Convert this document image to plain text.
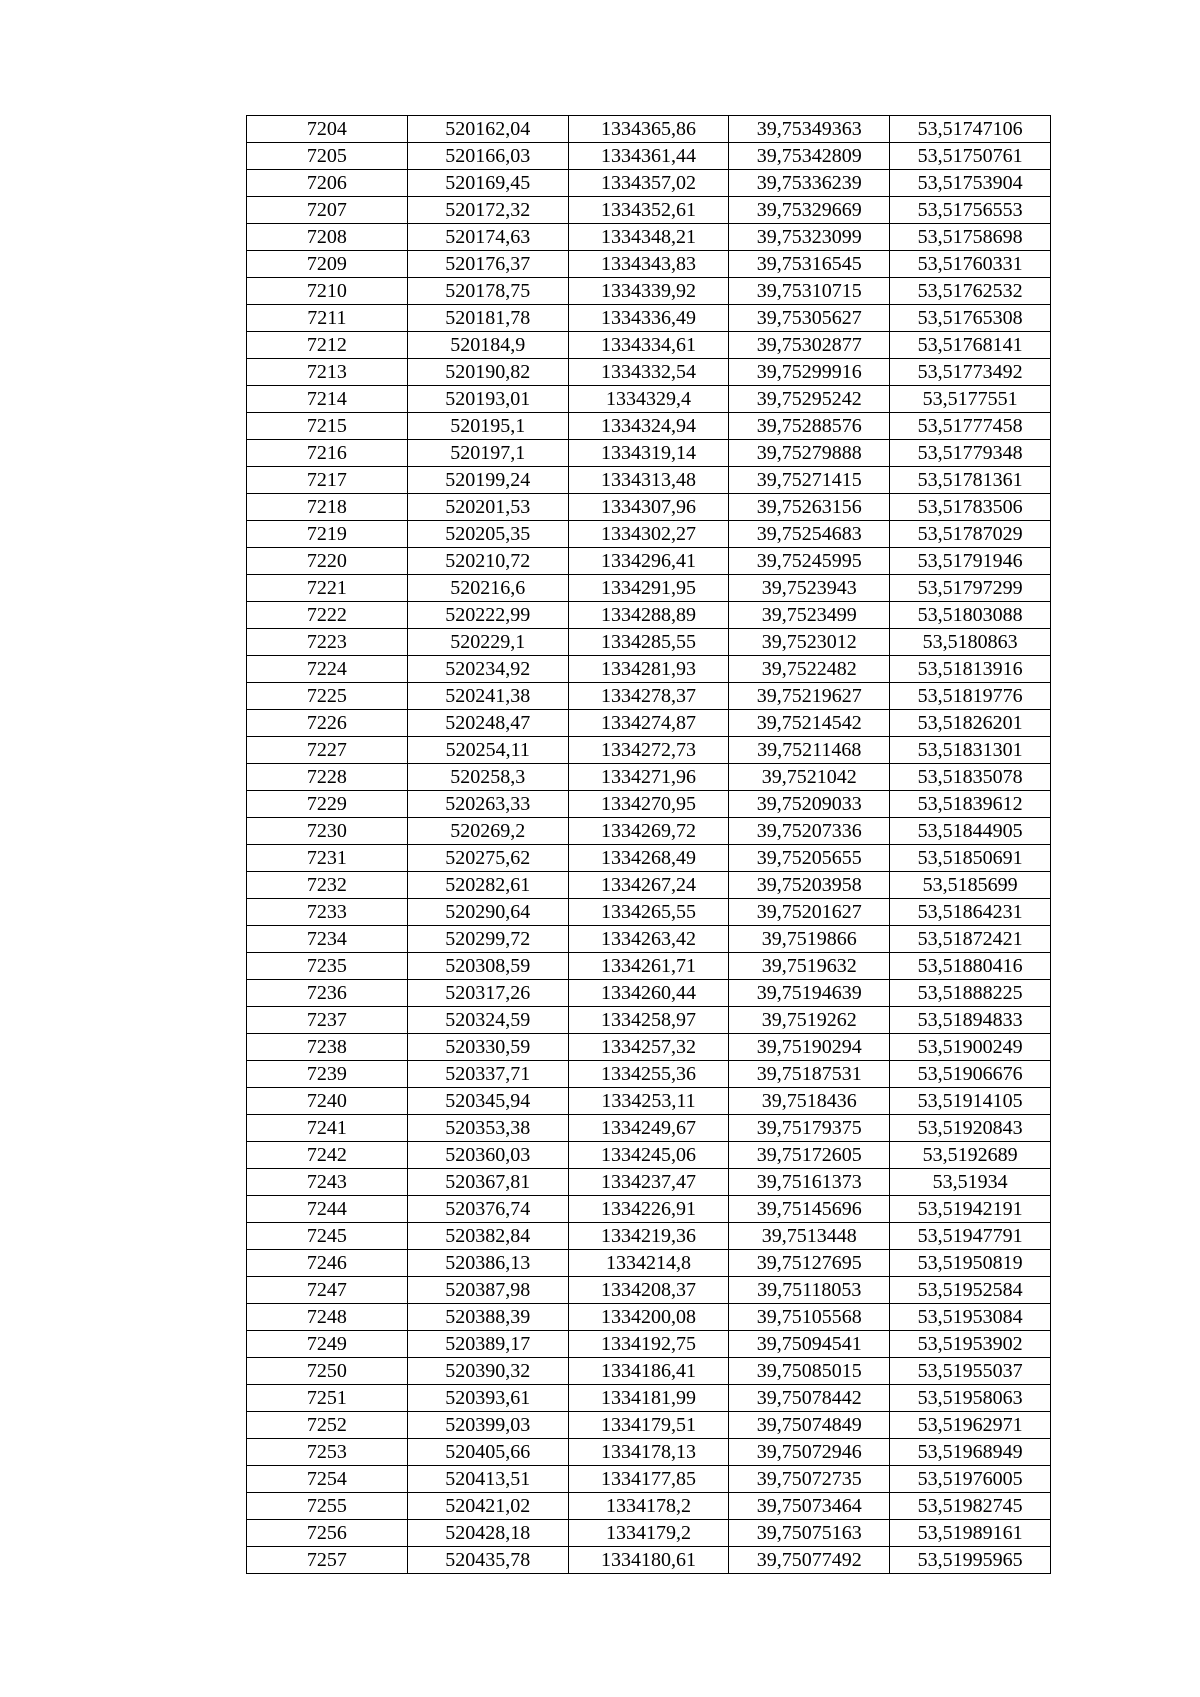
7204	520162,04	1334365,86	39,75349363	53,51747106
7205	520166,03	1334361,44	39,75342809	53,51750761
7206	520169,45	1334357,02	39,75336239	53,51753904
7207	520172,32	1334352,61	39,75329669	53,51756553
7208	520174,63	1334348,21	39,75323099	53,51758698
7209	520176,37	1334343,83	39,75316545	53,51760331
7210	520178,75	1334339,92	39,75310715	53,51762532
7211	520181,78	1334336,49	39,75305627	53,51765308
7212	520184,9	1334334,61	39,75302877	53,51768141
7213	520190,82	1334332,54	39,75299916	53,51773492
7214	520193,01	1334329,4	39,75295242	53,5177551
7215	520195,1	1334324,94	39,75288576	53,51777458
7216	520197,1	1334319,14	39,75279888	53,51779348
7217	520199,24	1334313,48	39,75271415	53,51781361
7218	520201,53	1334307,96	39,75263156	53,51783506
7219	520205,35	1334302,27	39,75254683	53,51787029
7220	520210,72	1334296,41	39,75245995	53,51791946
7221	520216,6	1334291,95	39,7523943	53,51797299
7222	520222,99	1334288,89	39,7523499	53,51803088
7223	520229,1	1334285,55	39,7523012	53,5180863
7224	520234,92	1334281,93	39,7522482	53,51813916
7225	520241,38	1334278,37	39,75219627	53,51819776
7226	520248,47	1334274,87	39,75214542	53,51826201
7227	520254,11	1334272,73	39,75211468	53,51831301
7228	520258,3	1334271,96	39,7521042	53,51835078
7229	520263,33	1334270,95	39,75209033	53,51839612
7230	520269,2	1334269,72	39,75207336	53,51844905
7231	520275,62	1334268,49	39,75205655	53,51850691
7232	520282,61	1334267,24	39,75203958	53,5185699
7233	520290,64	1334265,55	39,75201627	53,51864231
7234	520299,72	1334263,42	39,7519866	53,51872421
7235	520308,59	1334261,71	39,7519632	53,51880416
7236	520317,26	1334260,44	39,75194639	53,51888225
7237	520324,59	1334258,97	39,7519262	53,51894833
7238	520330,59	1334257,32	39,75190294	53,51900249
7239	520337,71	1334255,36	39,75187531	53,51906676
7240	520345,94	1334253,11	39,7518436	53,51914105
7241	520353,38	1334249,67	39,75179375	53,51920843
7242	520360,03	1334245,06	39,75172605	53,5192689
7243	520367,81	1334237,47	39,75161373	53,51934
7244	520376,74	1334226,91	39,75145696	53,51942191
7245	520382,84	1334219,36	39,7513448	53,51947791
7246	520386,13	1334214,8	39,75127695	53,51950819
7247	520387,98	1334208,37	39,75118053	53,51952584
7248	520388,39	1334200,08	39,75105568	53,51953084
7249	520389,17	1334192,75	39,75094541	53,51953902
7250	520390,32	1334186,41	39,75085015	53,51955037
7251	520393,61	1334181,99	39,75078442	53,51958063
7252	520399,03	1334179,51	39,75074849	53,51962971
7253	520405,66	1334178,13	39,75072946	53,51968949
7254	520413,51	1334177,85	39,75072735	53,51976005
7255	520421,02	1334178,2	39,75073464	53,51982745
7256	520428,18	1334179,2	39,75075163	53,51989161
7257	520435,78	1334180,61	39,75077492	53,51995965
